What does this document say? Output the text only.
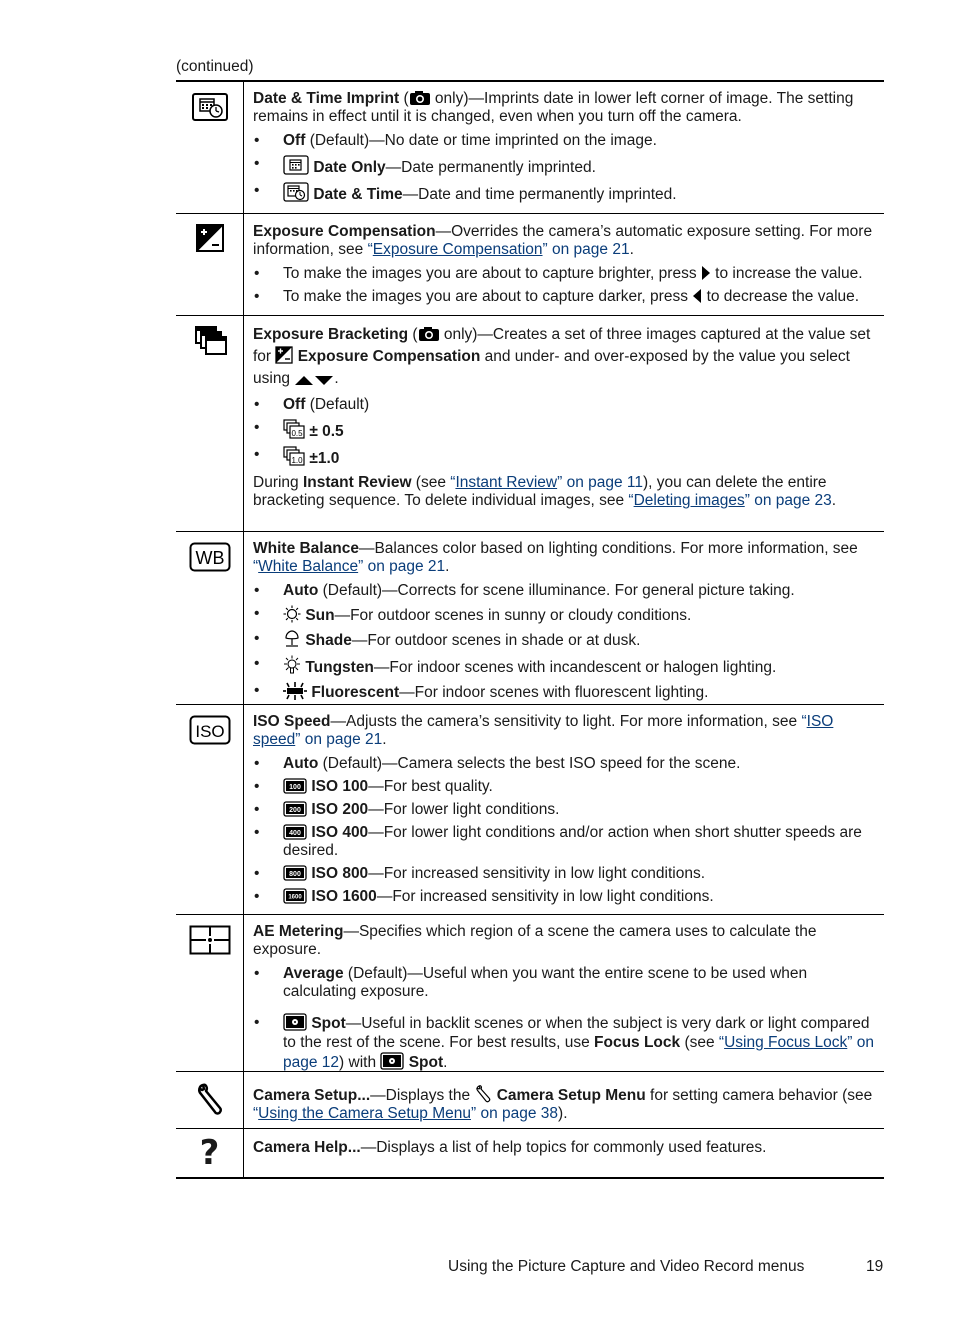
(continued)

Date & Time Imprint ( only)—Imprints date in lower left corner of image. The setting remains in effect until it is changed, even when you turn off the camera.

• Off (Default)—No date or time imprinted on the image.
• Date Only—Date permanently imprinted.
• Date & Time—Date and time permanently imprinted.

Exposure Compensation—Overrides the camera’s automatic exposure setting. For more information, see “Exposure Compensation” on page 21.

• To make the images you are about to capture brighter, press  to increase the value.
• To make the images you are about to capture darker, press  to decrease the value.

Exposure Bracketing ( only)—Creates a set of three images captured at the value set for  Exposure Compensation and under- and over-exposed by the value you select using	.

• Off (Default)
• 0.5 ± 0.5
• 1.0 ±1.0

During Instant Review (see “Instant Review” on page 11), you can delete the entire bracketing sequence. To delete individual images, see “Deleting images” on page 23.

WB White Balance—Balances color based on lighting conditions. For more information, see “White Balance” on page 21.

• Auto (Default)—Corrects for scene illuminance. For general picture taking.
• Sun—For outdoor scenes in sunny or cloudy conditions.
• Shade—For outdoor scenes in shade or at dusk.
• Tungsten—For indoor scenes with incandescent or halogen lighting.
• Fluorescent—For indoor scenes with fluorescent lighting.
ISO

ISO Speed—Adjusts the camera’s sensitivity to light. For more information, see “ISO speed” on page 21.

• Auto (Default)—Camera selects the best ISO speed for the scene.
• 100 ISO 100—For best quality.
• 200 ISO 200—For lower light conditions.
• 400 ISO 400—For lower light conditions and/or action when short shutter speeds are desired.
• 800 ISO 800—For increased sensitivity in low light conditions.
• 1600 ISO 1600—For increased sensitivity in low light conditions.

AE Metering—Specifies which region of a scene the camera uses to calculate the exposure.

• Average (Default)—Useful when you want the entire scene to be used when calculating exposure.
• Spot—Useful in backlit scenes or when the subject is very dark or light compared to the rest of the scene. For best results, use Focus Lock (see “Using Focus Lock” on page 12) with  Spot.

Camera Setup...—Displays the  Camera Setup Menu for setting camera behavior (see “Using the Camera Setup Menu” on page 38).

? Camera Help...—Displays a list of help topics for commonly used features.

Using the Picture Capture and Video Record menus	19
